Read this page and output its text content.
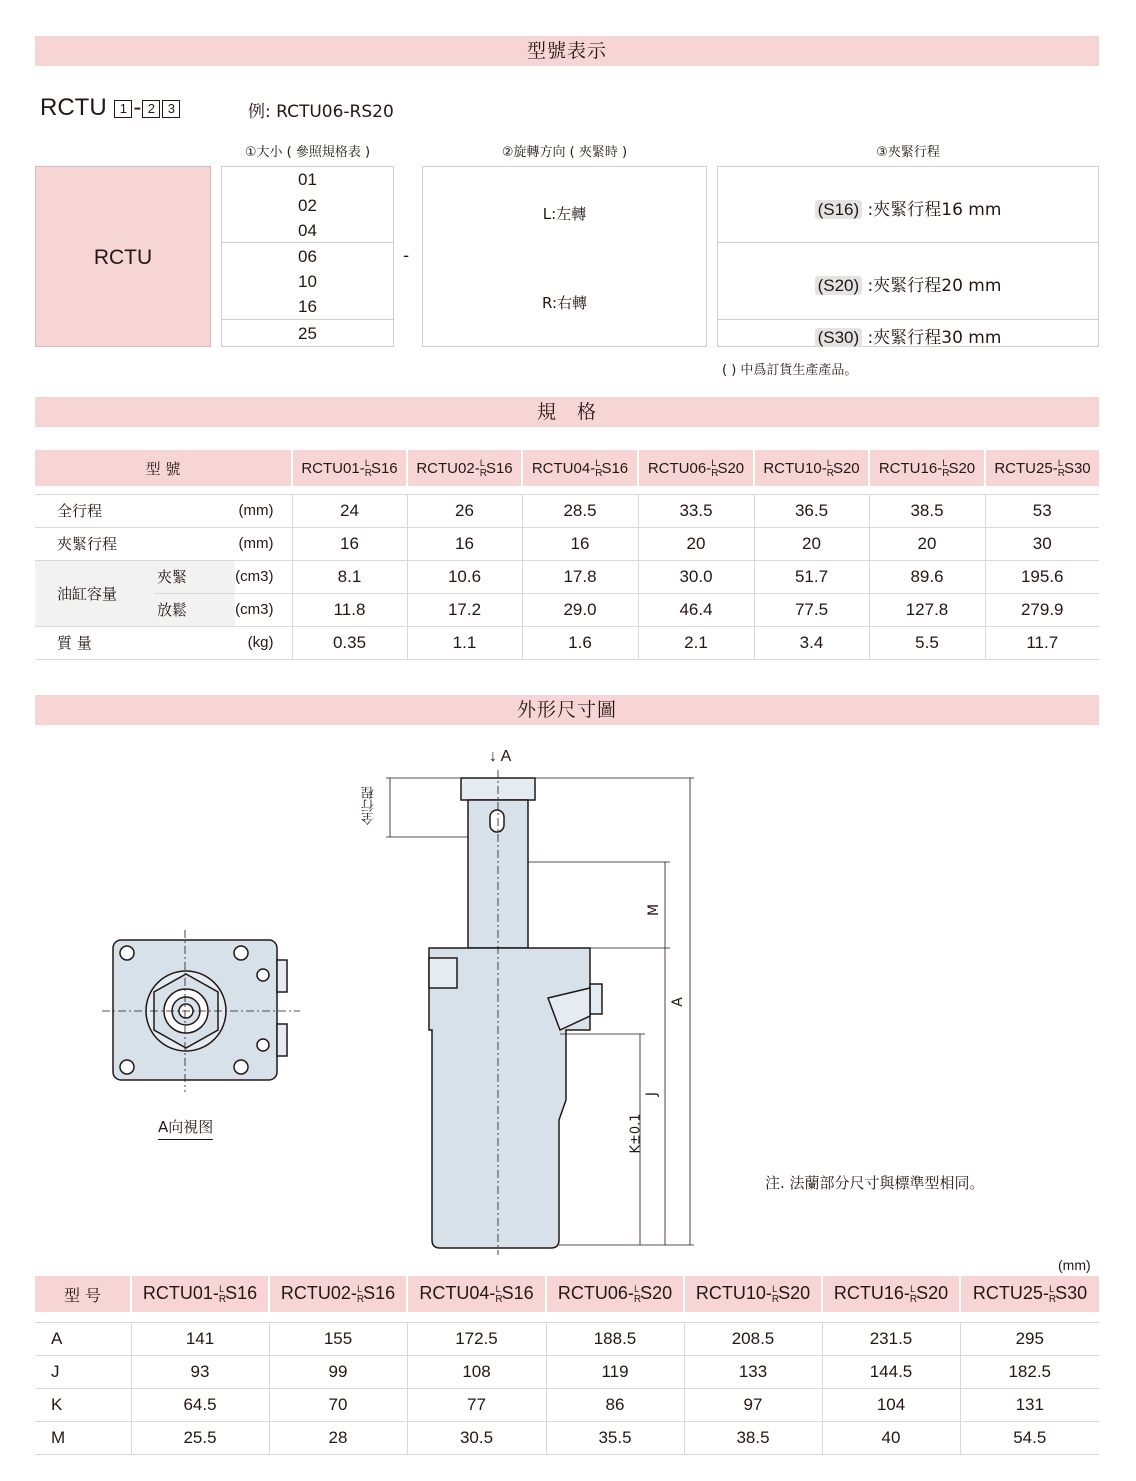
型號表示
RCTU 1 - 2 3	例: RCTU06-RS20
①大小 ( 參照規格表 )	②旋轉方向 ( 夾緊時 )	③夾緊行程
RCTU
01
02
04
06
10
16
25
-
L:左轉
R:右轉
(S16) :夾緊行程16 mm
(S20) :夾緊行程20 mm
(S30) :夾緊行程30 mm
( ) 中爲訂貨生產產品。
規　格
型 號			$RCTU01-_R^LS16$	$RCTU02-_R^LS16$	$RCTU04-_R^LS16$	$RCTU06-_R^LS20$	$RCTU10-_R^LS20$	$RCTU16-_R^LS20$	$RCTU25-_R^LS30$

全行程		(mm)	24	26	28.5	33.5	36.5	38.5	53
夾緊行程		(mm)	16	16	16	20	20	20	30
油缸容量	夾緊	(cm3)	8.1	10.6	17.8	30.0	51.7	89.6	195.6
	放鬆	(cm3)	11.8	17.2	29.0	46.4	77.5	127.8	279.9
質 量		(kg)	0.35	1.1	1.6	2.1	3.4	5.5	11.7
外形尺寸圖
↓ A
全行程
M
A
J
K±0.1
A向視图
注. 法蘭部分尺寸與標準型相同。
(mm)
型 号	$RCTU01-_R^LS16$	$RCTU02-_R^LS16$	$RCTU04-_R^LS16$	$RCTU06-_R^LS20$	$RCTU10-_R^LS20$	$RCTU16-_R^LS20$	$RCTU25-_R^LS30$

A	141	155	172.5	188.5	208.5	231.5	295
J	93	99	108	119	133	144.5	182.5
K	64.5	70	77	86	97	104	131
M	25.5	28	30.5	35.5	38.5	40	54.5
